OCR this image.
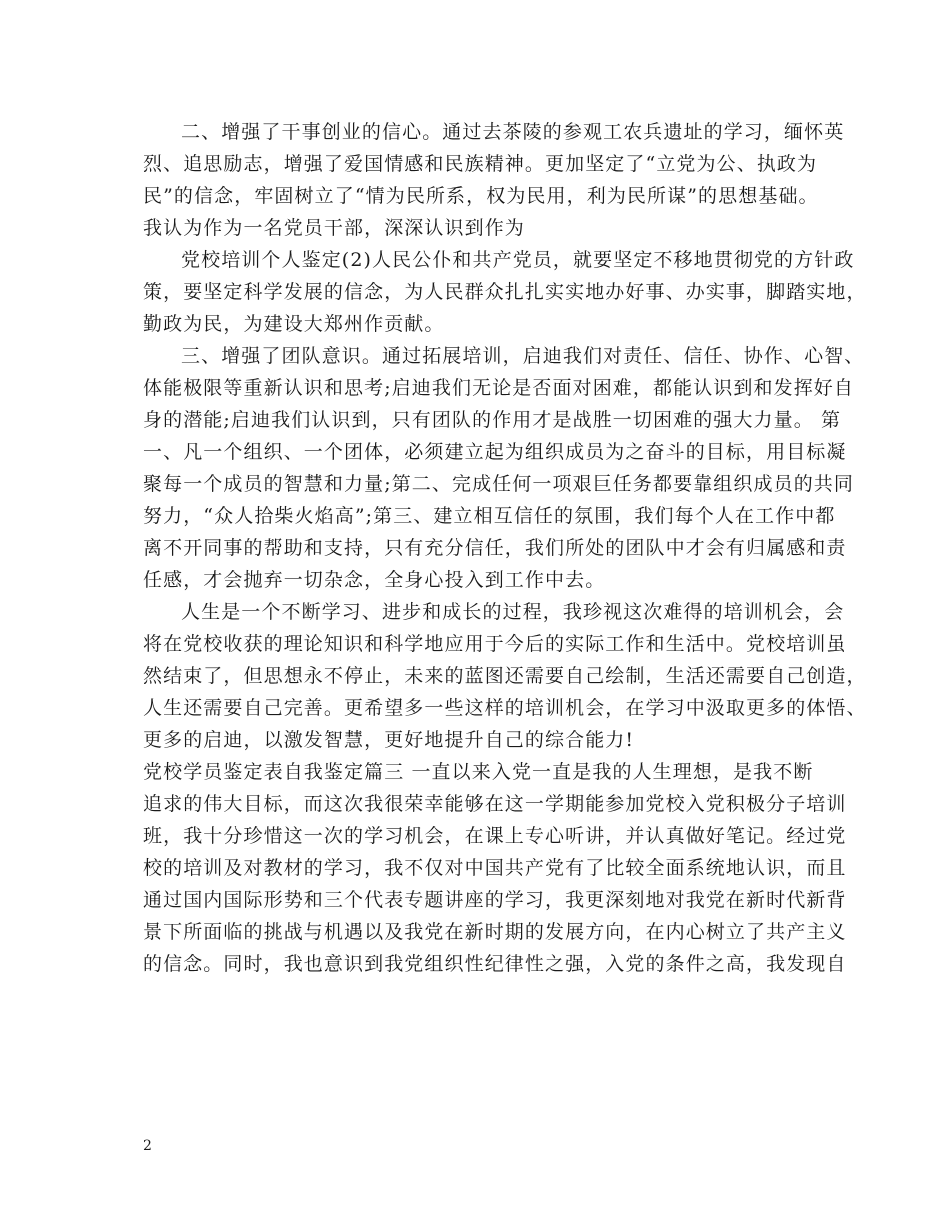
二、增强了干事创业的信心。通过去茶陵的参观工农兵遗址的学习，缅怀英
烈、追思励志，增强了爱国情感和民族精神。更加坚定了“立党为公、执政为
民”的信念，牢固树立了“情为民所系，权为民用，利为民所谋”的思想基础。
我认为作为一名党员干部，深深认识到作为
党校培训个人鉴定(2)人民公仆和共产党员，就要坚定不移地贯彻党的方针政
策，要坚定科学发展的信念，为人民群众扎扎实实地办好事、办实事，脚踏实地，
勤政为民，为建设大郑州作贡献。
三、增强了团队意识。通过拓展培训，启迪我们对责任、信任、协作、心智、
体能极限等重新认识和思考;启迪我们无论是否面对困难，都能认识到和发挥好自
身的潜能;启迪我们认识到，只有团队的作用才是战胜一切困难的强大力量。 第
一、凡一个组织、一个团体，必须建立起为组织成员为之奋斗的目标，用目标凝
聚每一个成员的智慧和力量;第二、完成任何一项艰巨任务都要靠组织成员的共同
努力，“众人拾柴火焰高”;第三、建立相互信任的氛围，我们每个人在工作中都
离不开同事的帮助和支持，只有充分信任，我们所处的团队中才会有归属感和责
任感，才会抛弃一切杂念，全身心投入到工作中去。
人生是一个不断学习、进步和成长的过程，我珍视这次难得的培训机会，会
将在党校收获的理论知识和科学地应用于今后的实际工作和生活中。党校培训虽
然结束了，但思想永不停止，未来的蓝图还需要自己绘制，生活还需要自己创造，
人生还需要自己完善。更希望多一些这样的培训机会，在学习中汲取更多的体悟、
更多的启迪，以激发智慧，更好地提升自己的综合能力!
党校学员鉴定表自我鉴定篇三 一直以来入党一直是我的人生理想，是我不断
追求的伟大目标，而这次我很荣幸能够在这一学期能参加党校入党积极分子培训
班，我十分珍惜这一次的学习机会，在课上专心听讲，并认真做好笔记。经过党
校的培训及对教材的学习，我不仅对中国共产党有了比较全面系统地认识，而且
通过国内国际形势和三个代表专题讲座的学习，我更深刻地对我党在新时代新背
景下所面临的挑战与机遇以及我党在新时期的发展方向，在内心树立了共产主义
的信念。同时，我也意识到我党组织性纪律性之强，入党的条件之高，我发现自
2
